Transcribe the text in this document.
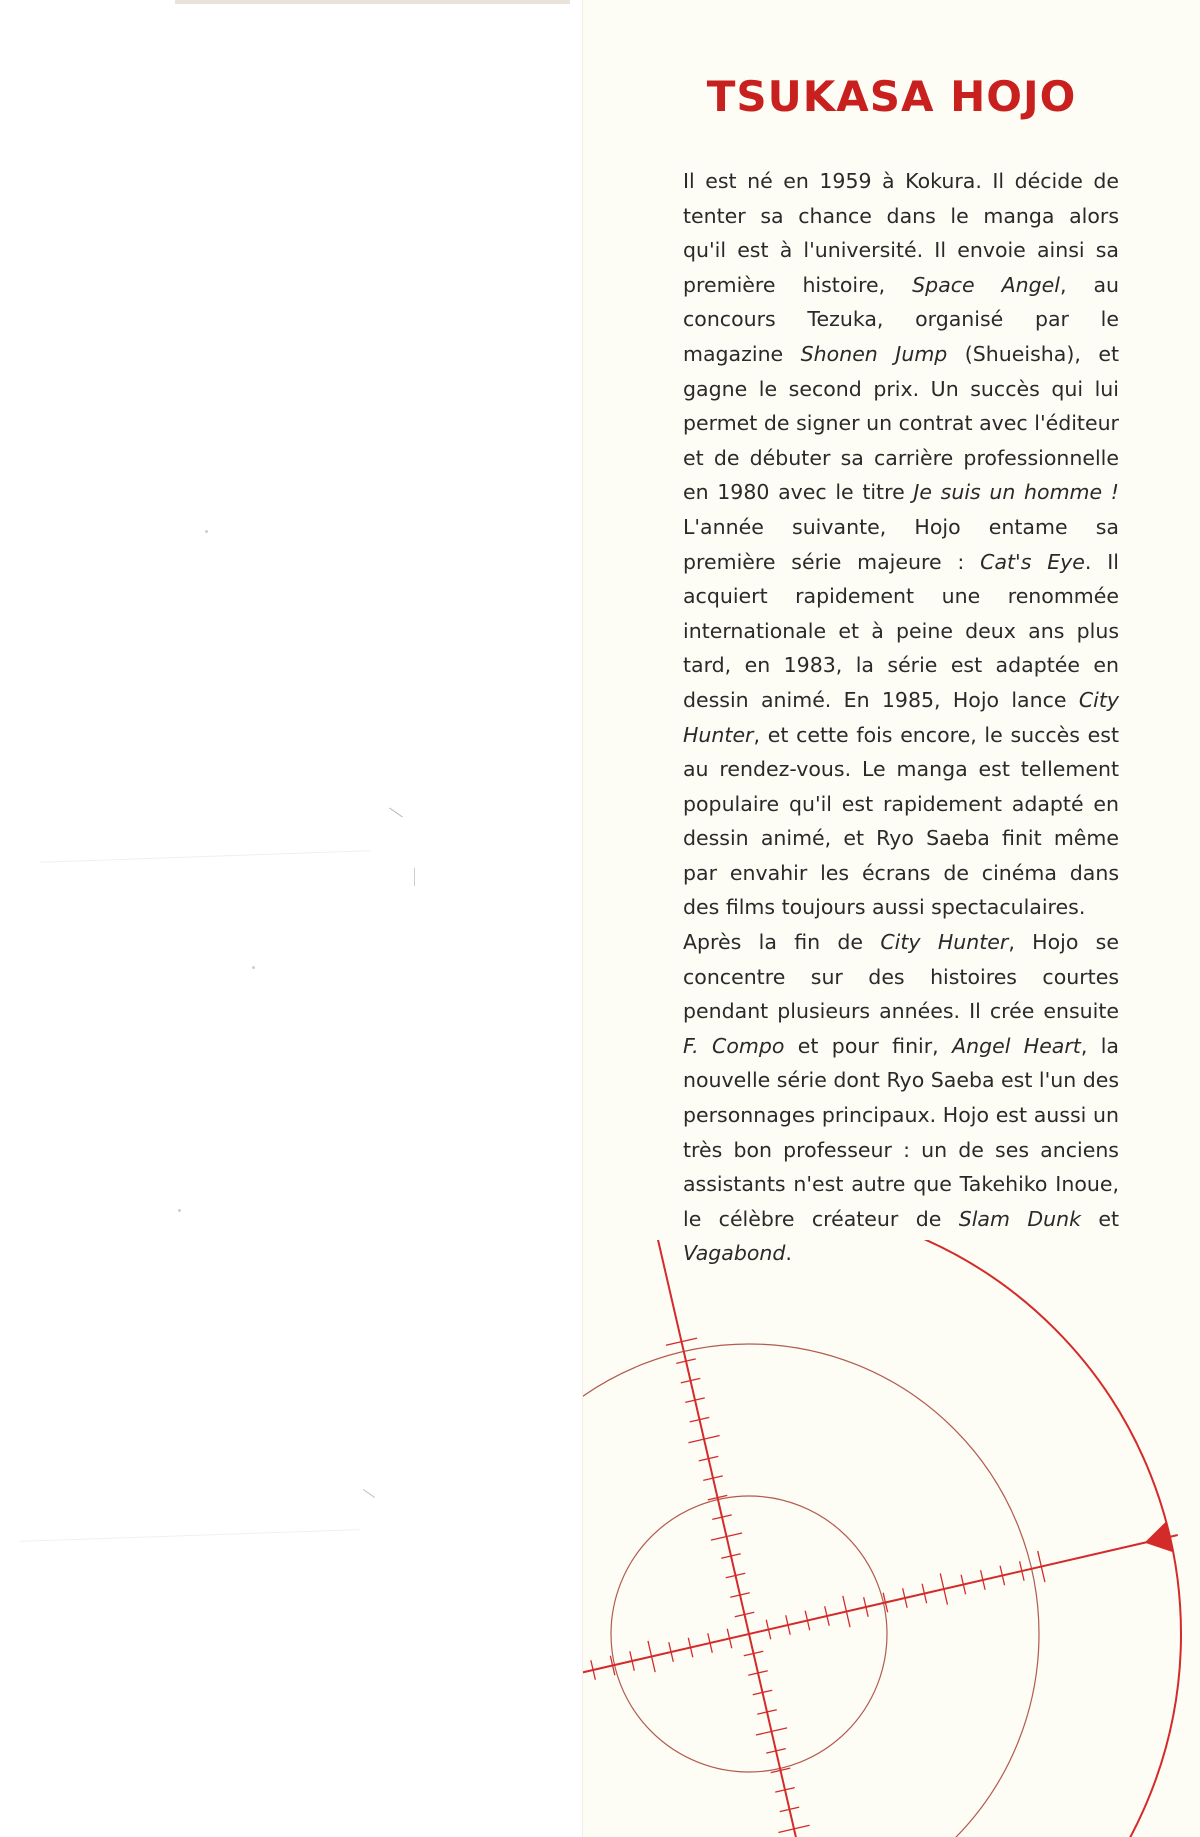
TSUKASA HOJO

Il est né en 1959 à Kokura. Il décide de tenter sa chance dans le manga alors qu'il est à l'université. Il envoie ainsi sa première histoire, Space Angel, au concours Tezuka, organisé par le magazine Shonen Jump (Shueisha), et gagne le second prix. Un succès qui lui permet de signer un contrat avec l'éditeur et de débuter sa carrière professionnelle en 1980 avec le titre Je suis un homme ! L'année suivante, Hojo entame sa première série majeure : Cat's Eye. Il acquiert rapidement une renommée internationale et à peine deux ans plus tard, en 1983, la série est adaptée en dessin animé. En 1985, Hojo lance City Hunter, et cette fois encore, le succès est au rendez-vous. Le manga est tellement populaire qu'il est rapidement adapté en dessin animé, et Ryo Saeba finit même par envahir les écrans de cinéma dans des films toujours aussi spectaculaires.

Après la fin de City Hunter, Hojo se concentre sur des histoires courtes pendant plusieurs années. Il crée ensuite F. Compo et pour finir, Angel Heart, la nouvelle série dont Ryo Saeba est l'un des personnages principaux. Hojo est aussi un très bon professeur : un de ses anciens assistants n'est autre que Takehiko Inoue, le célèbre créateur de Slam Dunk et Vagabond.
